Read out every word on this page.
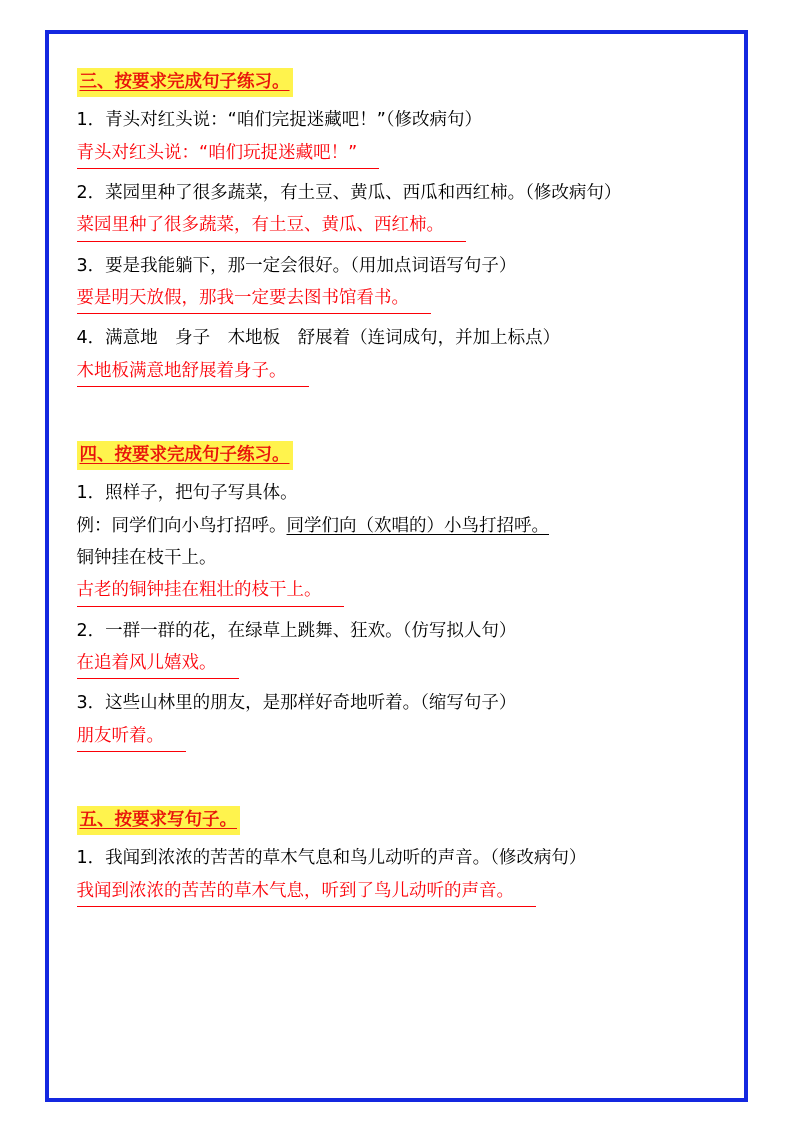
三、按要求完成句子练习。
1．青头对红头说：“咱们完捉迷藏吧！”（修改病句）
青头对红头说：“咱们玩捉迷藏吧！”
2．菜园里种了很多蔬菜，有土豆、黄瓜、西瓜和西红柿。（修改病句）
菜园里种了很多蔬菜，有土豆、黄瓜、西红柿。
3．要是我能躺下，那一定会很好。（用加点词语写句子）
要是明天放假，那我一定要去图书馆看书。
4．满意地　身子　木地板　舒展着（连词成句，并加上标点）
木地板满意地舒展着身子。
四、按要求完成句子练习。
1．照样子，把句子写具体。
例：同学们向小鸟打招呼。同学们向（欢唱的）小鸟打招呼。
铜钟挂在枝干上。
古老的铜钟挂在粗壮的枝干上。
2．一群一群的花，在绿草上跳舞、狂欢。（仿写拟人句）
在追着风儿嬉戏。
3．这些山林里的朋友，是那样好奇地听着。（缩写句子）
朋友听着。
五、按要求写句子。
1．我闻到浓浓的苦苦的草木气息和鸟儿动听的声音。（修改病句）
我闻到浓浓的苦苦的草木气息，听到了鸟儿动听的声音。
